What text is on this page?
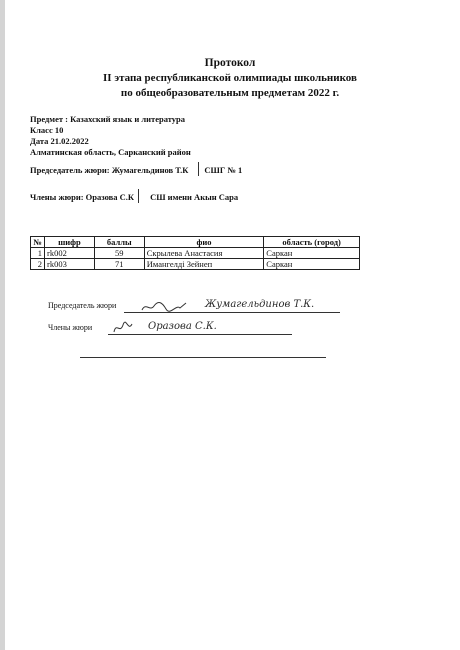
Протокол
II этапа республиканской олимпиады школьников
по общеобразовательным предметам 2022 г.
Предмет : Казахский язык и литература
Класс 10
Дата 21.02.2022
Алматинская область, Сарканский район
Председатель жюри: Жумагельдинов Т.К СШГ № 1
Члены жюри: Оразова С.К СШ имени Акын Сара
№	шифр	баллы	фио	область (город)
1	rk002	59	Скрылева Анастасия	Саркан
2	rk003	71	Имангелді Зейнеп	Саркан
Председатель жюри	Жумагельдинов Т.К.
Члены жюри	Оразова С.К.
